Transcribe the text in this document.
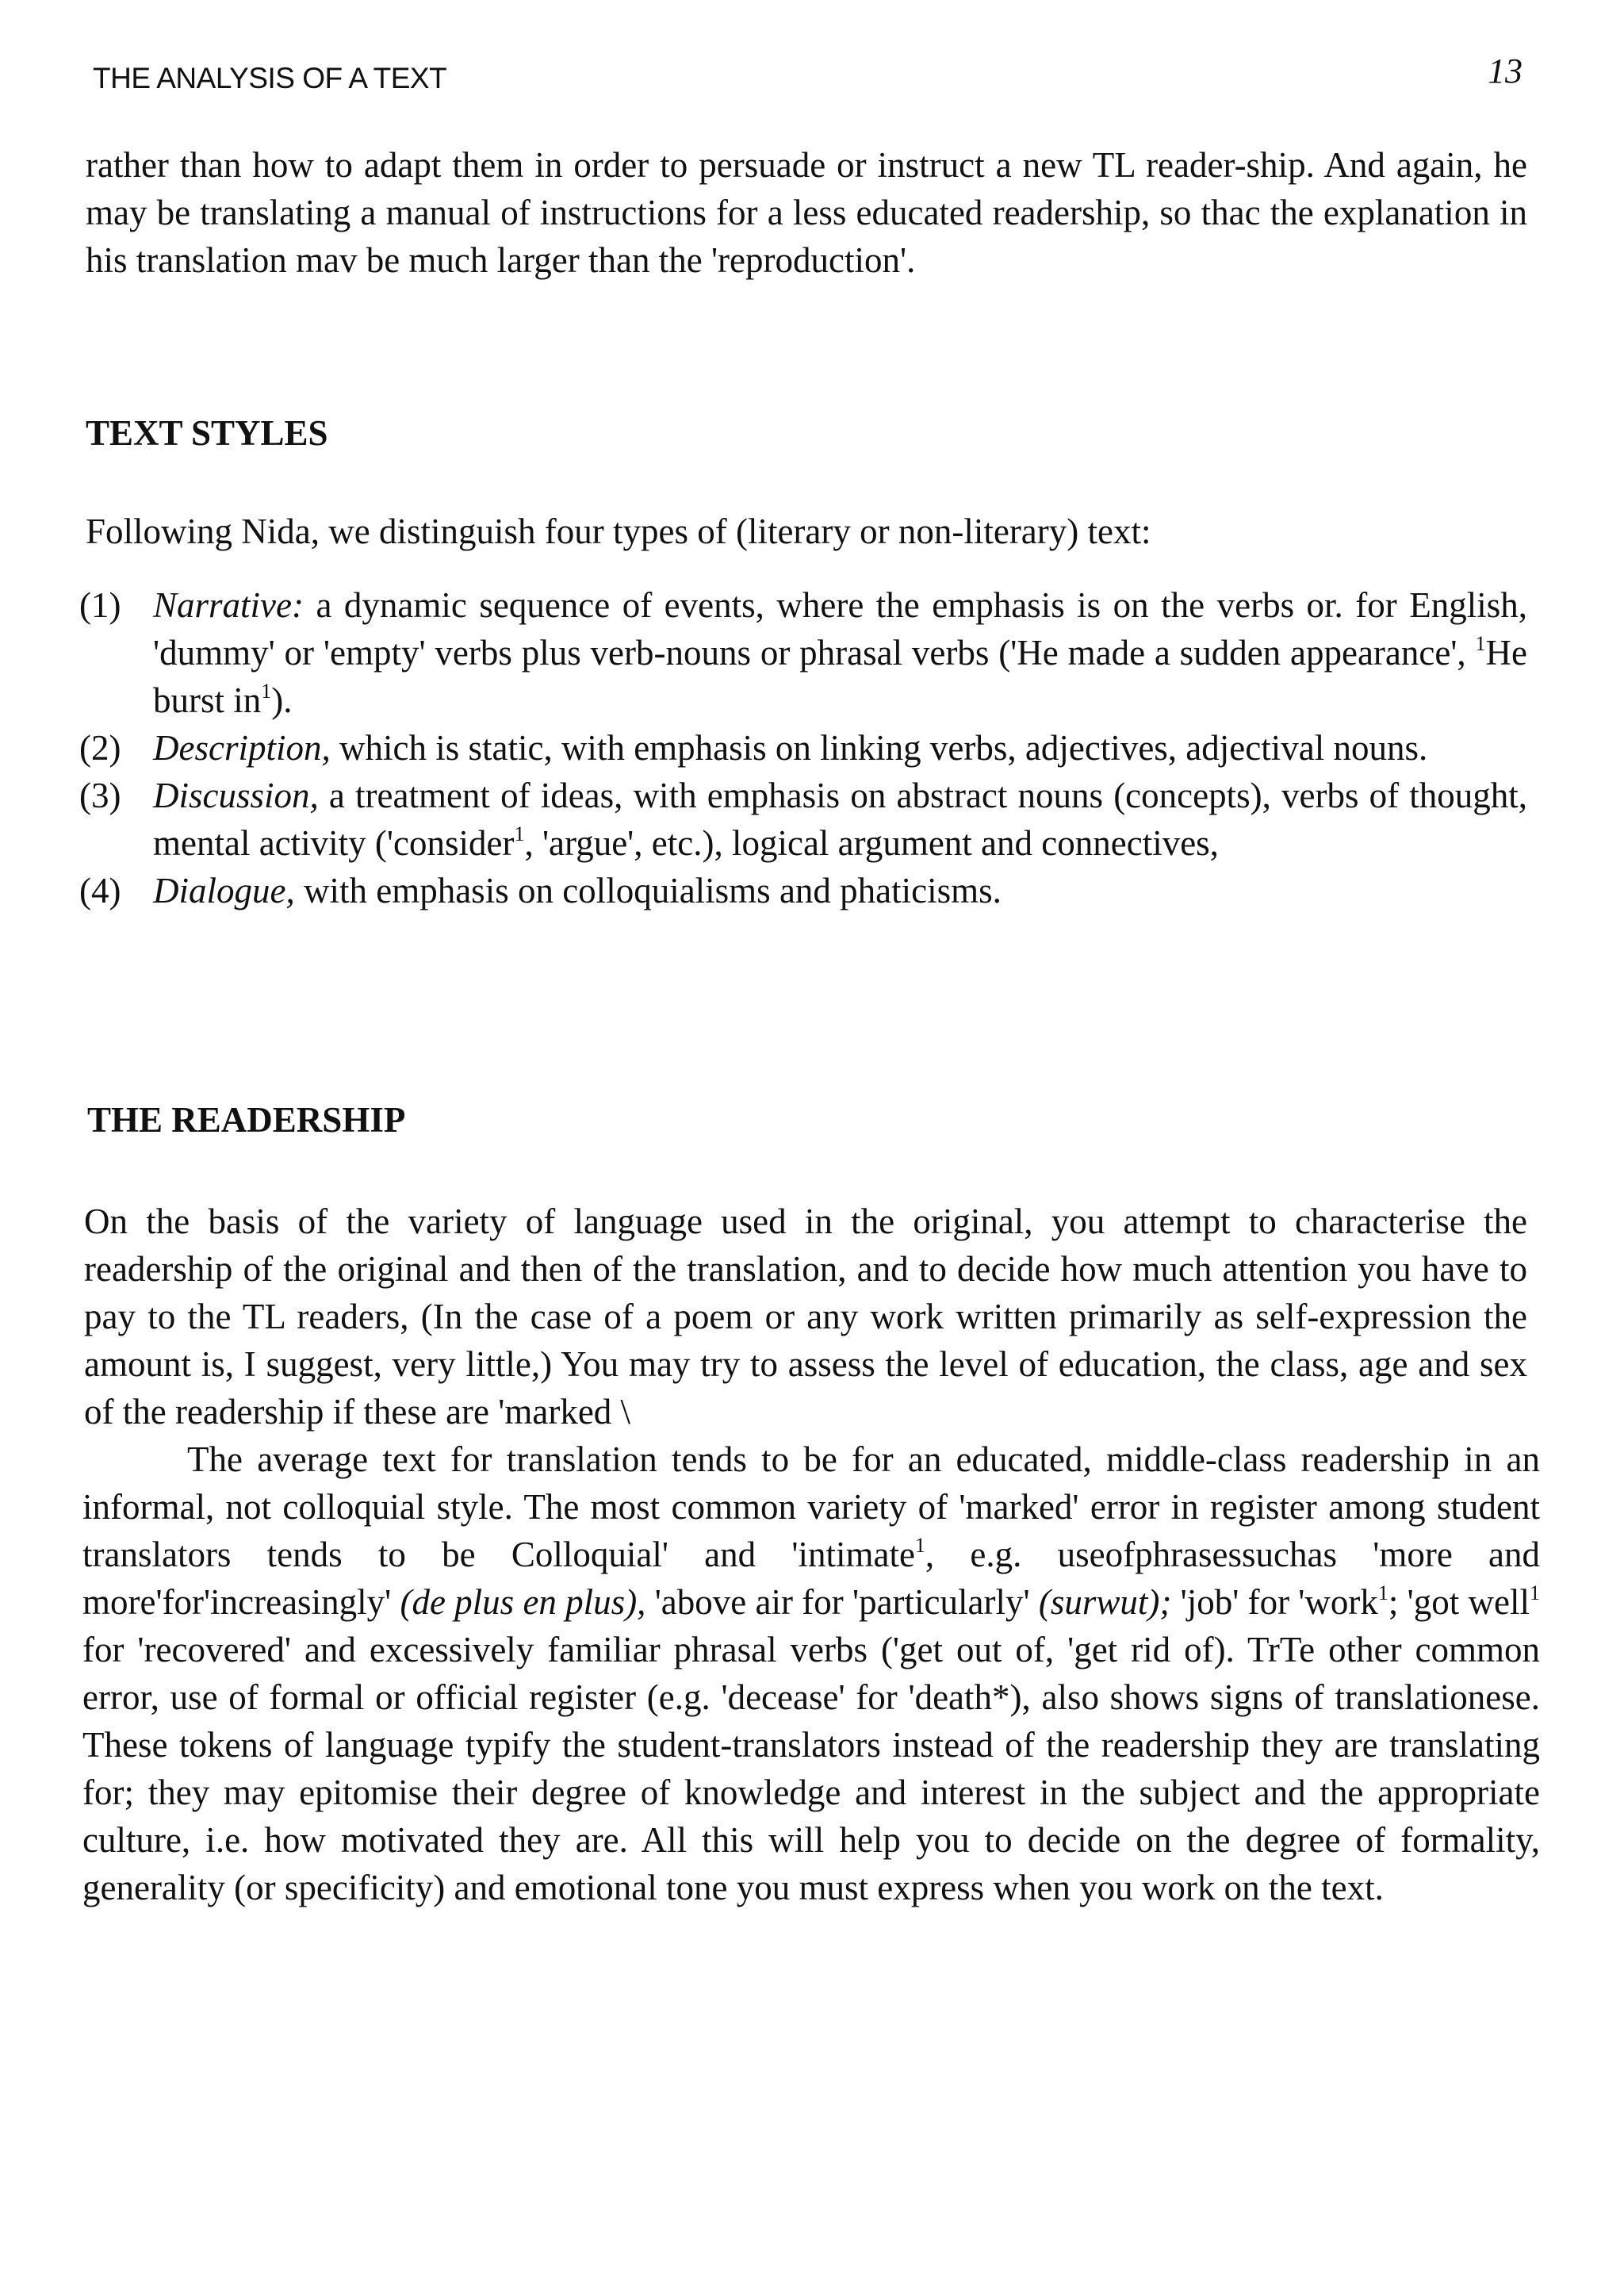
THE ANALYSIS OF A TEXT	13

rather than how to adapt them in order to persuade or instruct a new TL reader-ship. And again, he may be translating a manual of instructions for a less educated readership, so thac the explanation in his translation mav be much larger than the 'reproduction'.

TEXT STYLES

Following Nida, we distinguish four types of (literary or non-literary) text:

(1) Narrative: a dynamic sequence of events, where the emphasis is on the verbs or. for English, 'dummy' or 'empty' verbs plus verb-nouns or phrasal verbs ('He made a sudden appearance', $^1$He burst $in^1$).
(2) Description, which is static, with emphasis on linking verbs, adjectives, adjectival nouns.
(3) Discussion, a treatment of ideas, with emphasis on abstract nouns (concepts), verbs of thought, mental activity ('consider$^1$, 'argue', etc.), logical argument and connectives,
(4) Dialogue, with emphasis on colloquialisms and phaticisms.
THE READERSHIP

On the basis of the variety of language used in the original, you attempt to characterise the readership of the original and then of the translation, and to decide how much attention you have to pay to the TL readers, (In the case of a poem or any work written primarily as self-expression the amount is, I suggest, very little,) You may try to assess the level of education, the class, age and sex of the readership if these are 'marked \

The average text for translation tends to be for an educated, middle-class readership in an informal, not colloquial style. The most common variety of 'marked' error in register among student translators tends to be Colloquial' and 'intimate$^1$, e.g. useofphrasessuchas 'more and more'for'increasingly' (de plus en plus), 'above air for 'particularly' (surwut); 'job' for 'work$^1$; 'got well$^1$ for 'recovered' and excessively familiar phrasal verbs ('get out of, 'get rid of). TrTe other common error, use of formal or official register (e.g. 'decease' for 'death*), also shows signs of translationese. These tokens of language typify the student-translators instead of the readership they are translating for; they may epitomise their degree of knowledge and interest in the subject and the appropriate culture, i.e. how motivated they are. All this will help you to decide on the degree of formality, generality (or specificity) and emotional tone you must express when you work on the text.
